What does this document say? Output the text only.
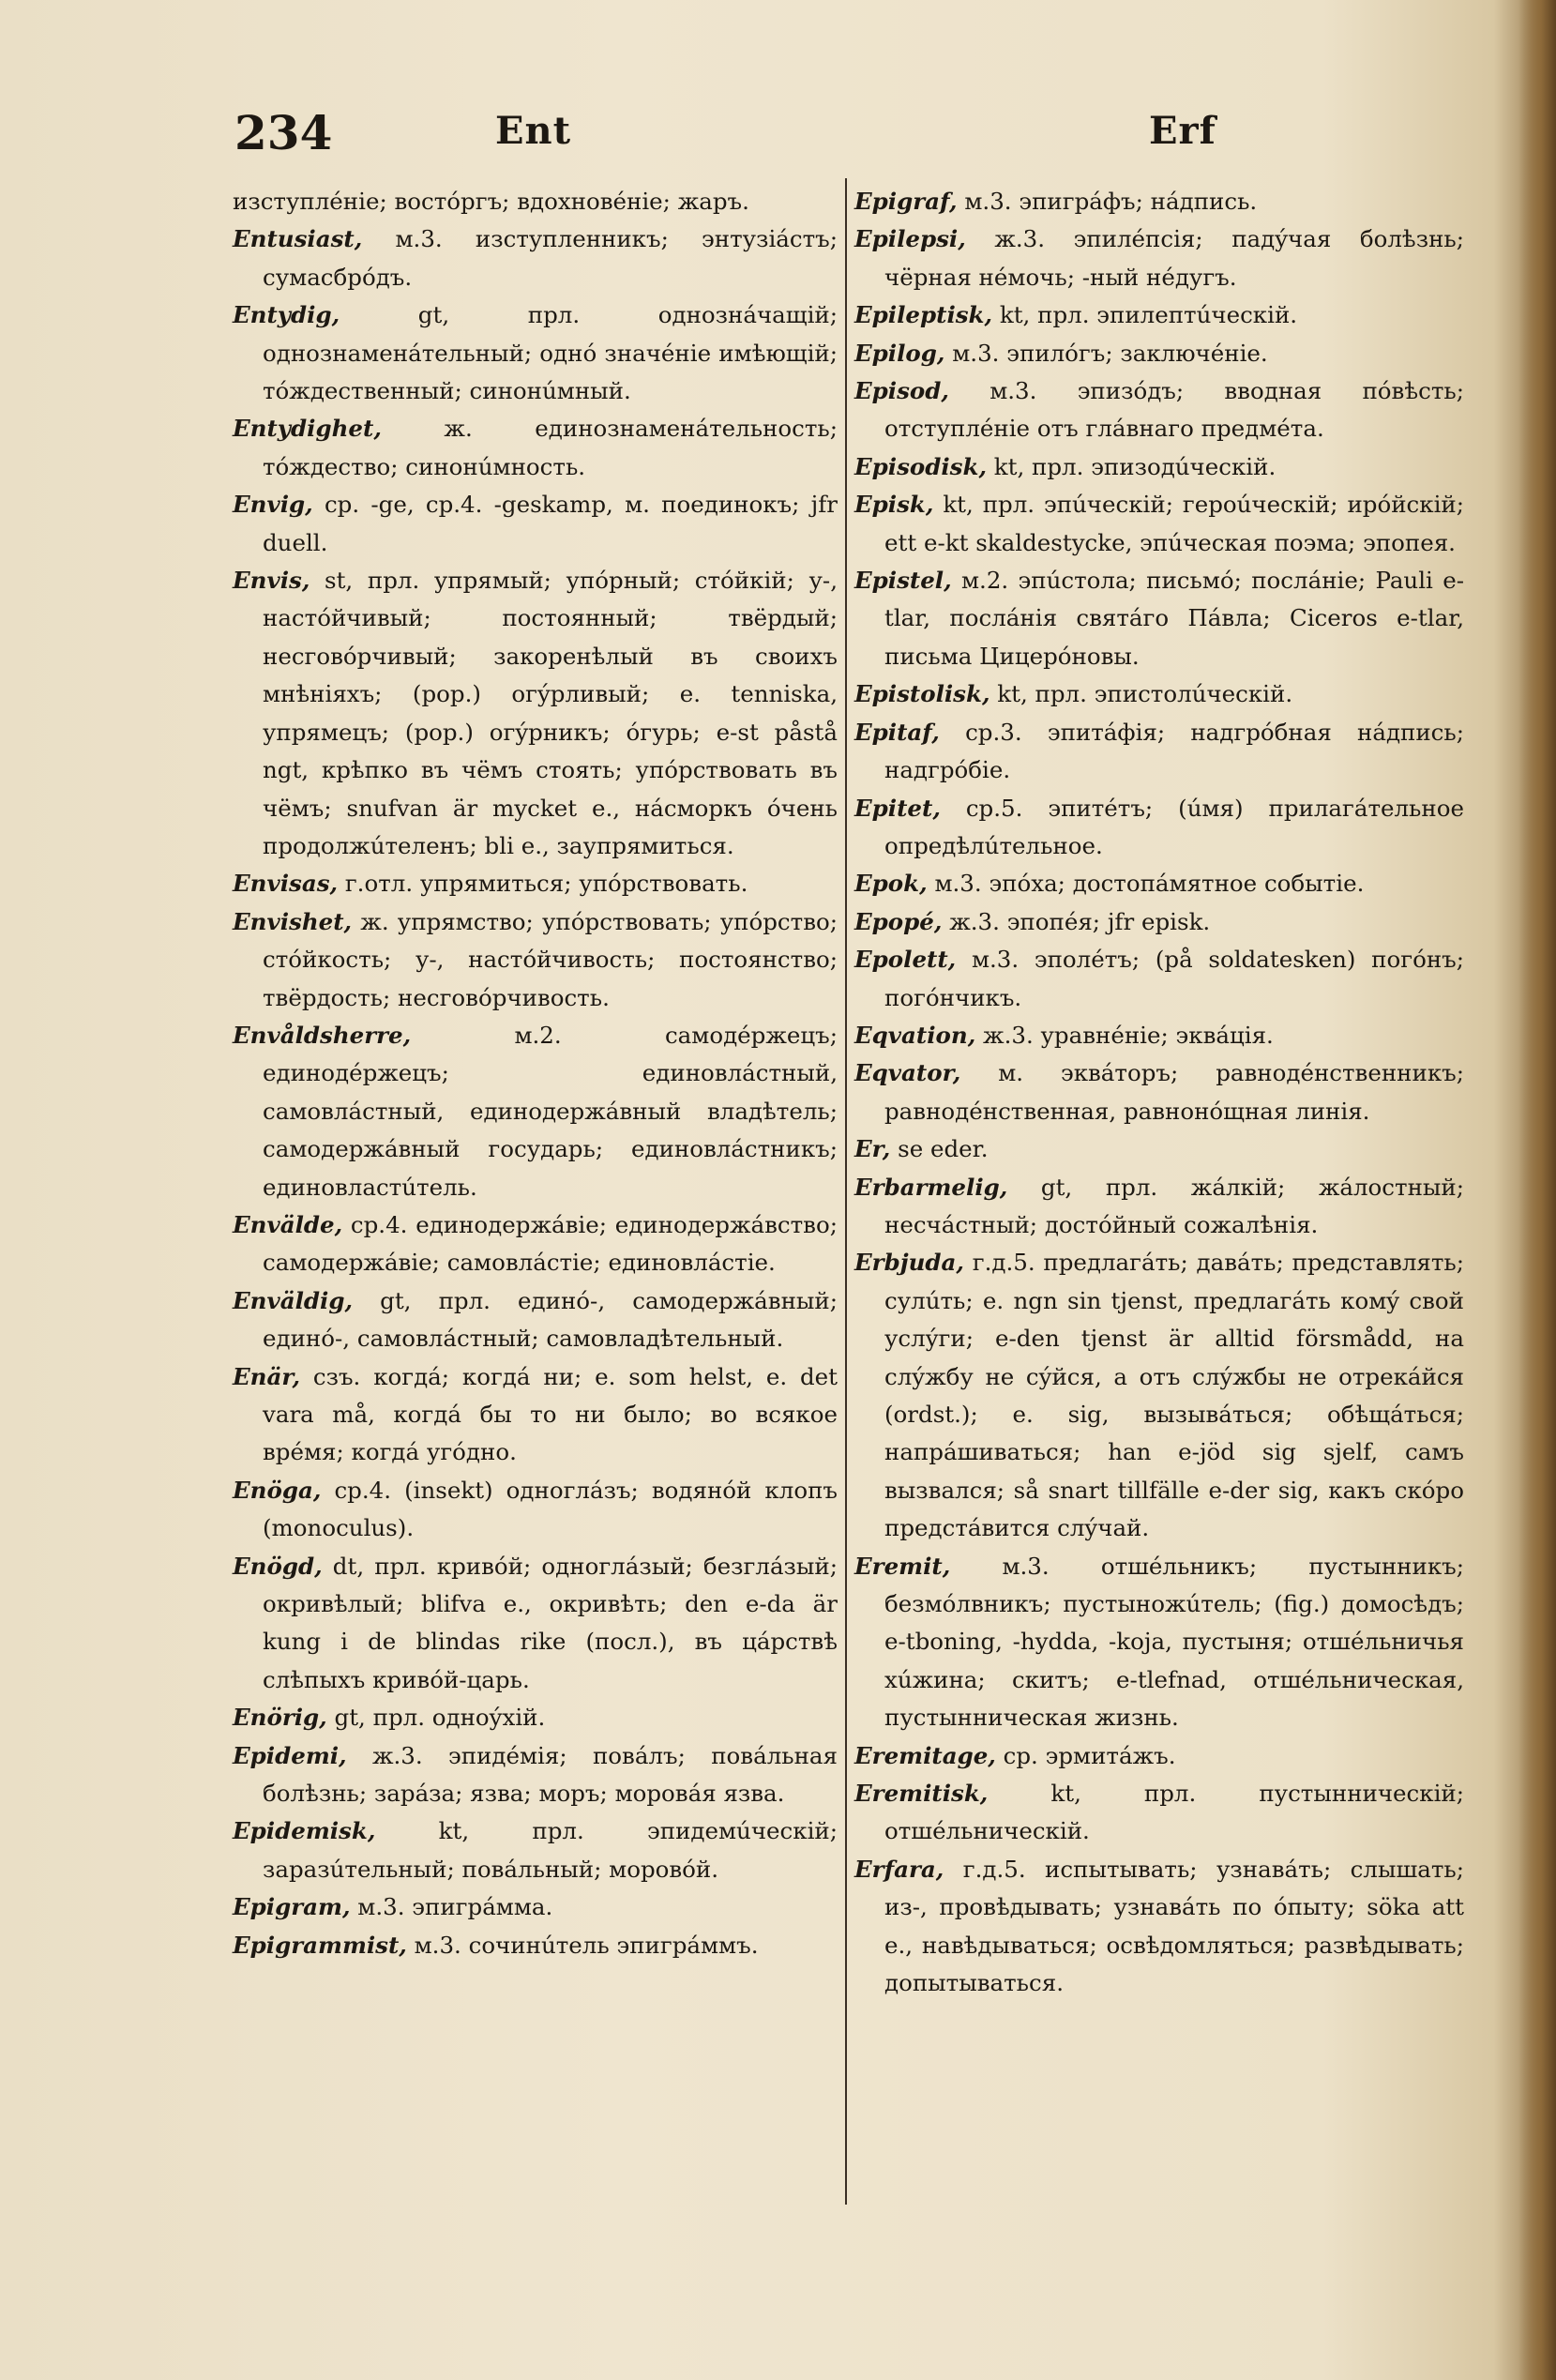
234	Ent	Erf

изступлéніе; востóргъ; вдохновéніе; жаръ.

Entusiast, м.3. изступленникъ; энтузіáстъ; сумасбрóдъ.

Entydig,	gt, прл. однознáчащій; однознаменáтельный; однó значéніе имѣющій; тóждественный; синонúмный.

Entydighet,	ж. единознаменáтельность; тóждество; синонúмность.

Envig, ср. -ge, ср.4. -geskamp, м. поединокъ; jfr duell.

Envis, st, прл. упрямый; упóрный; стóйкій; у-, настóйчивый; постоянный; твёрдый; несговóрчивый; закоренѣлый въ своихъ мнѣніяхъ; (pop.) огýрливый; e. tenniska, упрямецъ; (pop.) огýрникъ; óгурь; e-st påstå ngt, крѣпко въ чёмъ стоять; упóрствовать въ чёмъ; snufvan är mycket e., нáсморкъ óчень продолжúтеленъ; bli e., заупрямиться.

Envisas, г.отл. упрямиться; упóрствовать.

Envishet, ж. упрямство; упóрствовать; упóрство; стóйкость; у-, настóйчивость; постоянство; твёрдость; несговóрчивость.

Envåldsherre,	м.2. самодéржецъ; единодéржецъ; единовлáстный, самовлáстный, единодержáвный владѣтель; самодержáвный государь; единовлáстникъ; единовластúтель.

Envälde, ср.4. единодержáвіе; единодержáвство; самодержáвіе; самовлáстіе; единовлáстіе.

Enväldig, gt, прл. единó-, самодержáвный; единó-, самовлáстный; самовладѣтельный.

Enär, сзъ. когдá; когдá ни; e. som helst, e. det vara må, когдá бы то ни было; во всякое врéмя; когдá угóдно.

Enöga, ср.4. (insekt) одноглáзъ; водянóй клопъ (monoculus).

Enögd, dt, прл. кривóй; одноглáзый; безглáзый; окривѣлый; blifva e., окривѣть; den e-da är kung i de blindas rike (посл.), въ цáрствѣ слѣпыхъ кривóй-царь.

Enörig, gt, прл. одноýхій.

Epidemi, ж.3. эпидéмія; повáлъ; повáльная болѣзнь; зарáза; язва; моръ; моровáя язва.

Epidemisk,	kt, прл. эпидемúческій; заразúтельный; повáльный; моровóй.

Epigram, м.3. эпигрáмма.

Epigrammist, м.3. сочинúтель эпигрáммъ.

Epigraf, м.3. эпигрáфъ; нáдпись.

Epilepsi, ж.3. эпилéпсія; падýчая болѣзнь; чёрная нéмочь; -ный нéдугъ.

Epileptisk, kt, прл. эпилептúческій.

Epilog, м.3. эпилóгъ; заключéніе.

Episod, м.3. эпизóдъ; вводная пóвѣсть; отступлéніе отъ глáвнаго предмéта.

Episodisk, kt, прл. эпизодúческій.

Episk, kt, прл. эпúческій; героúческій; ирóйскій; ett e-kt skaldestycke, эпúческая поэма; эпопея.

Epistel, м.2. эпúстола; письмó; послáніе; Pauli e-tlar, послáнія святáго Пáвла; Ciceros e-tlar, письма Цицерóновы.

Epistolisk, kt, прл. эпистолúческій.

Epitaf, ср.3. эпитáфія; надгрóбная нáдпись; надгрóбіе.

Epitet, ср.5. эпитéтъ; (úмя) прилагáтельное опредѣлúтельное.

Epok, м.3. эпóха; достопáмятное событіе.

Epopé, ж.3. эпопéя; jfr episk.

Epolett, м.3. эполéтъ; (på soldatesken) погóнъ; погóнчикъ.

Eqvation, ж.3. уравнéніе; эквáція.

Eqvator, м. эквáторъ; равнодéнственникъ; равнодéнственная, равнонóщная линія.

Er, se eder.

Erbarmelig, gt, прл. жáлкій; жáлостный; несчáстный; достóйный сожалѣнія.

Erbjuda, г.д.5. предлагáть; давáть; представлять; сулúть; e. ngn sin tjenst, предлагáть комý свой услýги; e-den tjenst är alltid försmådd, на слýжбу не сýйся, а отъ слýжбы не отрекáйся (ordst.); e. sig, вызывáться; обѣщáться; напрáшиваться; han e-jöd sig sjelf, самъ вызвался; så snart tillfälle e-der sig, какъ скóро предстáвится слýчай.

Eremit, м.3. отшéльникъ; пустынникъ; безмóлвникъ; пустыножúтель; (fig.) домосѣдъ; e-tboning, -hydda, -koja, пустыня; отшéльничья хúжина; скитъ; e-tlefnad, отшéльническая, пустынническая жизнь.

Eremitage, ср. эрмитáжъ.

Eremitisk,	kt, прл. пустынническій; отшéльническій.

Erfara, г.д.5. испытывать; узнавáть; слышать; из-, провѣдывать; узнавáть по óпыту; söka att e., навѣдываться; освѣдомляться; развѣдывать; допытываться.
